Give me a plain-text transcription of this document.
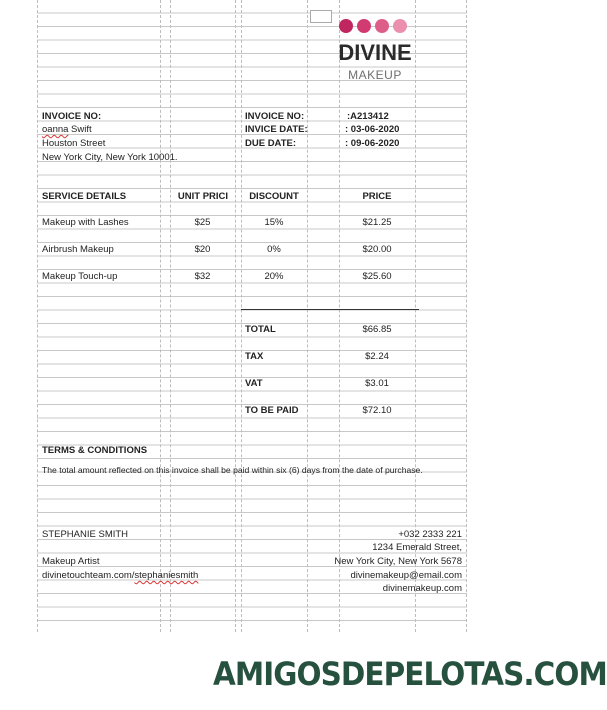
DIVINE
MAKEUP
INVOICE NO:
oanna Swift
Houston Street
New York City, New York 10001.
INVOICE NO:	:A213412
INVICE DATE:	: 03-06-2020
DUE DATE:	: 09-06-2020
SERVICE DETAILS	UNIT PRICI	DISCOUNT	PRICE
Makeup with Lashes	$25	15%	$21.25
Airbrush Makeup	$20	0%	$20.00
Makeup Touch-up	$32	20%	$25.60
TOTAL	$66.85
TAX	$2.24
VAT	$3.01
TO BE PAID	$72.10
TERMS & CONDITIONS
The total amount reflected on this invoice shall be paid within six (6) days from the date of purchase.
STEPHANIE SMITH
Makeup Artist
divinetouchteam.com/stephaniesmith
+032 2333 221
1234 Emerald Street,
New York City, New York 5678
divinemakeup@email.com
divinemakeup.com
AMIGOSDEPELOTAS.COM
